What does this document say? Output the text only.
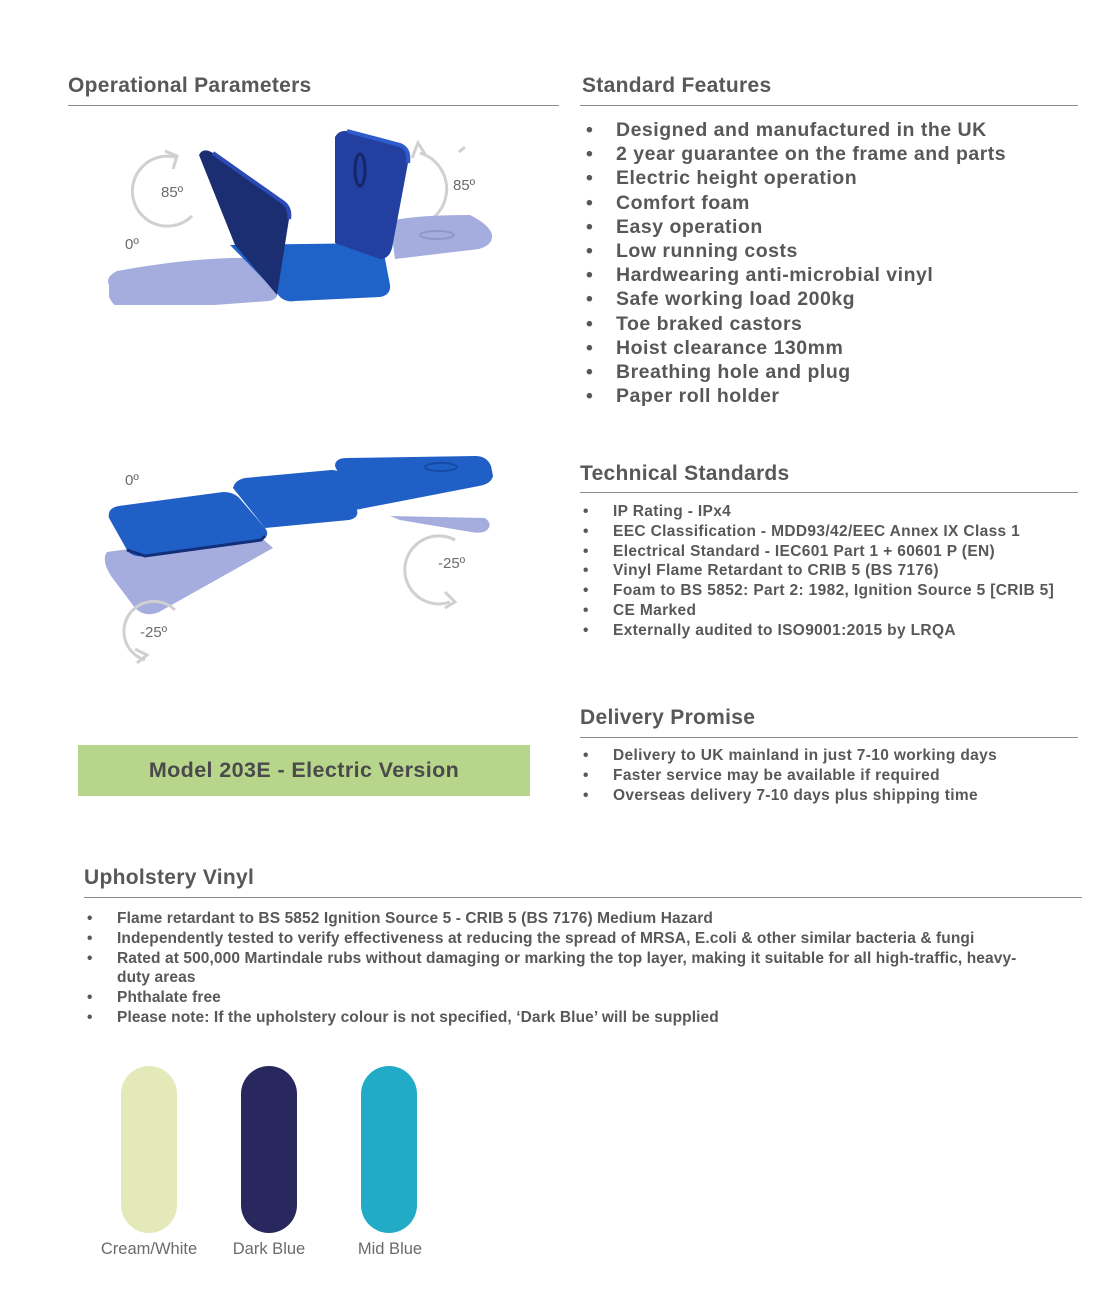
Operational Parameters
85º	85º
0º
0º
-25º
-25º
Model 203E - Electric Version
Standard Features
• Designed and manufactured in the UK
• 2 year guarantee on the frame and parts
• Electric height operation
• Comfort foam
• Easy operation
• Low running costs
• Hardwearing anti-microbial vinyl
• Safe working load 200kg
• Toe braked castors
• Hoist clearance 130mm
• Breathing hole and plug
• Paper roll holder
Technical Standards
• IP Rating - IPx4
• EEC Classification - MDD93/42/EEC Annex IX Class 1
• Electrical Standard - IEC601 Part 1 + 60601 P (EN)
• Vinyl Flame Retardant to CRIB 5 (BS 7176)
• Foam to BS 5852: Part 2: 1982, Ignition Source 5 [CRIB 5]
• CE Marked
• Externally audited to ISO9001:2015 by LRQA
Delivery Promise
• Delivery to UK mainland in just 7-10 working days
• Faster service may be available if required
• Overseas delivery 7-10 days plus shipping time
Upholstery Vinyl
• Flame retardant to BS 5852 Ignition Source 5 - CRIB 5 (BS 7176) Medium Hazard
• Independently tested to verify effectiveness at reducing the spread of MRSA, E.coli & other similar bacteria & fungi
• Rated at 500,000 Martindale rubs without damaging or marking the top layer, making it suitable for all high-traffic, heavy-duty areas
• Phthalate free
• Please note: If the upholstery colour is not specified, ‘Dark Blue’ will be supplied
Cream/White	Dark Blue	Mid Blue
